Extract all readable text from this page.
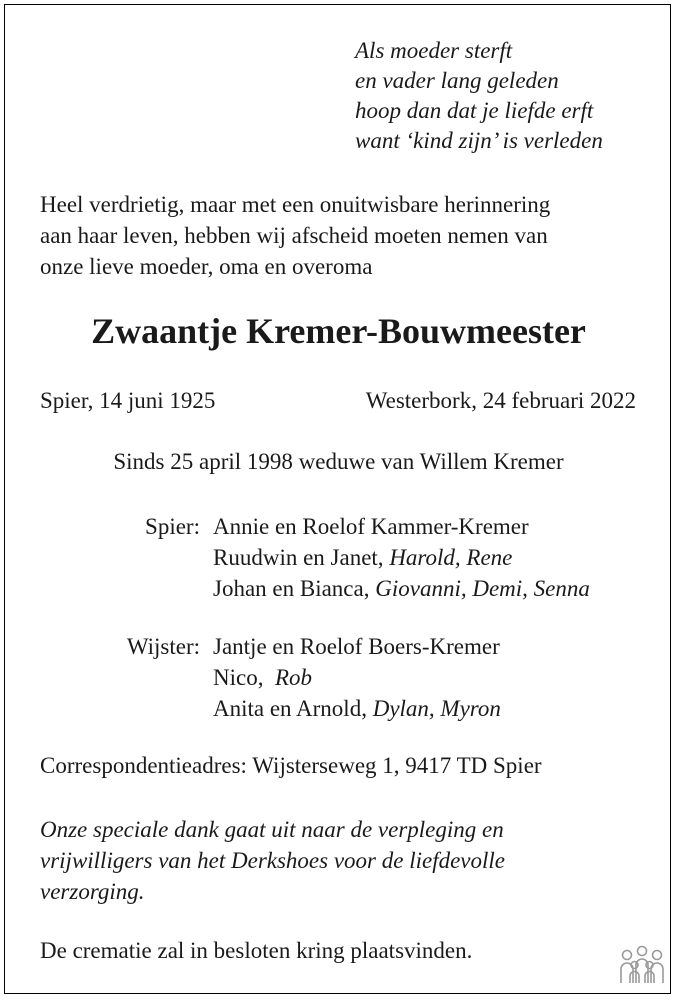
Als moeder sterft
en vader lang geleden
hoop dan dat je liefde erft
want ‘kind zijn’ is verleden
Heel verdrietig, maar met een onuitwisbare herinnering
aan haar leven, hebben wij afscheid moeten nemen van
onze lieve moeder, oma en overoma
Zwaantje Kremer-Bouwmeester
Spier, 14 juni 1925	Westerbork, 24 februari 2022
Sinds 25 april 1998 weduwe van Willem Kremer
Spier: Annie en Roelof Kammer-Kremer
Ruudwin en Janet, Harold, Rene
Johan en Bianca, Giovanni, Demi, Senna
Wijster: Jantje en Roelof Boers-Kremer
Nico,  Rob
Anita en Arnold, Dylan, Myron
Correspondentieadres: Wijsterseweg 1, 9417 TD Spier
Onze speciale dank gaat uit naar de verpleging en
vrijwilligers van het Derkshoes voor de liefdevolle
verzorging.
De crematie zal in besloten kring plaatsvinden.
